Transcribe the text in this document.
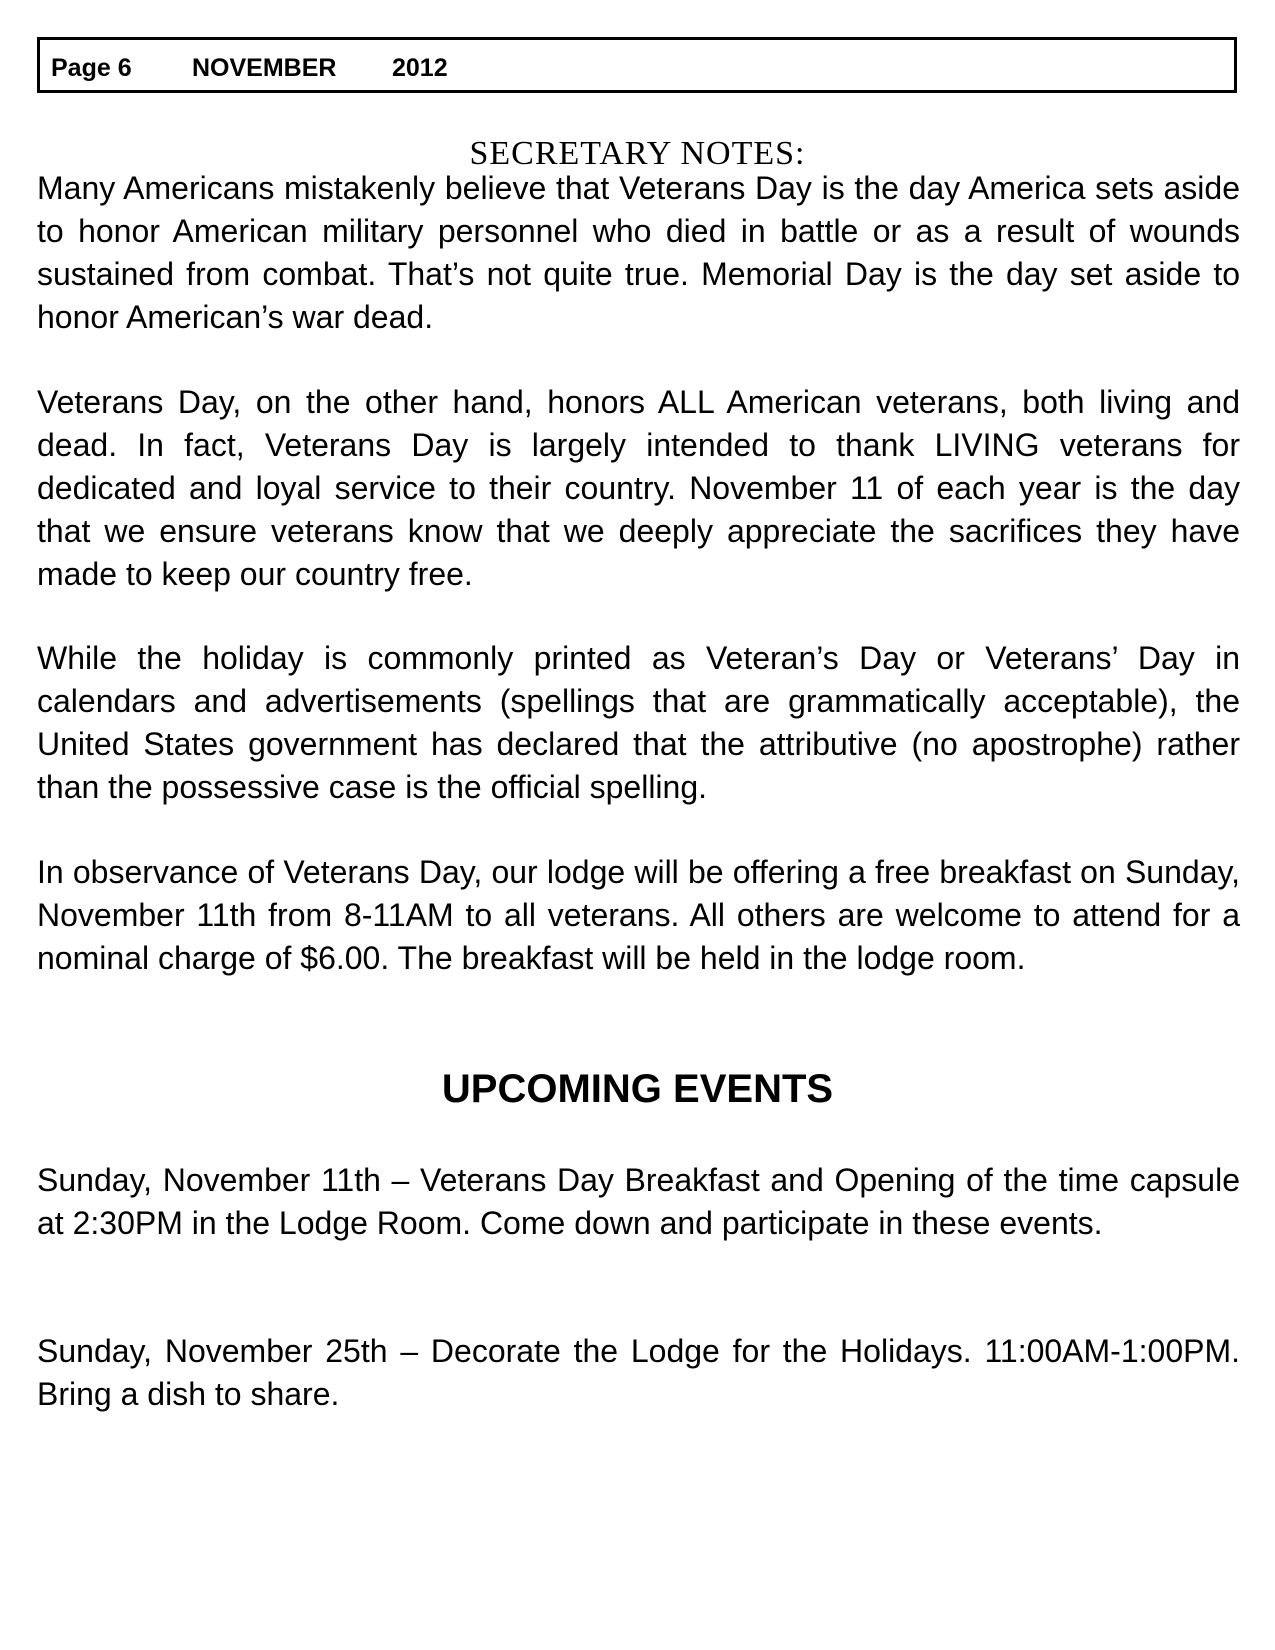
Page 6 NOVEMBER 2012
SECRETARY NOTES:

Many Americans mistakenly believe that Veterans Day is the day America sets aside to honor American military personnel who died in battle or as a result of wounds sustained from combat. That’s not quite true. Memorial Day is the day set aside to honor American’s war dead.

Veterans Day, on the other hand, honors ALL American veterans, both living and dead. In fact, Veterans Day is largely intended to thank LIVING veterans for dedicated and loyal service to their country. November 11 of each year is the day that we ensure veterans know that we deeply appreciate the sacrifices they have made to keep our country free.

While the holiday is commonly printed as Veteran’s Day or Veterans’ Day in calendars and advertisements (spellings that are grammatically acceptable), the United States government has declared that the attributive (no apostrophe) rather than the possessive case is the official spelling.

In observance of Veterans Day, our lodge will be offering a free breakfast on Sunday, November 11th from 8-11AM to all veterans. All others are welcome to attend for a nominal charge of $6.00. The breakfast will be held in the lodge room.

UPCOMING EVENTS

Sunday, November 11th – Veterans Day Breakfast and Opening of the time capsule at 2:30PM in the Lodge Room. Come down and participate in these events.

Sunday, November 25th – Decorate the Lodge for the Holidays. 11:00AM-1:00PM. Bring a dish to share.
